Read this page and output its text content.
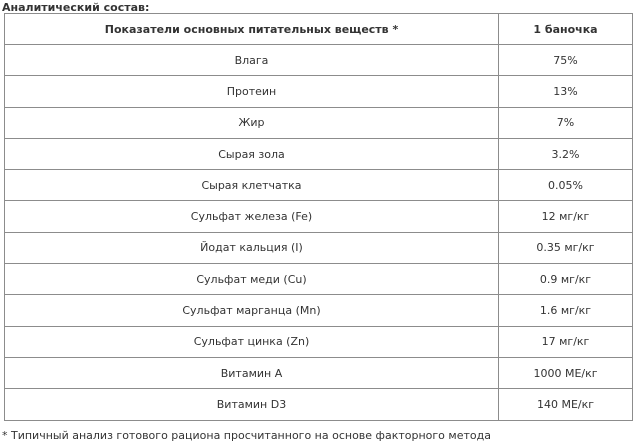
Аналитический состав:
Показатели основных питательных веществ *	1 баночка
Влага	75%
Протеин	13%
Жир	7%
Сырая зола	3.2%
Сырая клетчатка	0.05%
Сульфат железа (Fe)	12 мг/кг
Йодат кальция (I)	0.35 мг/кг
Сульфат меди (Cu)	0.9 мг/кг
Сульфат марганца (Mn)	1.6 мг/кг
Сульфат цинка (Zn)	17 мг/кг
Витамин А	1000 МЕ/кг
Витамин D3	140 МЕ/кг
* Типичный анализ готового рациона просчитанного на основе факторного метода
